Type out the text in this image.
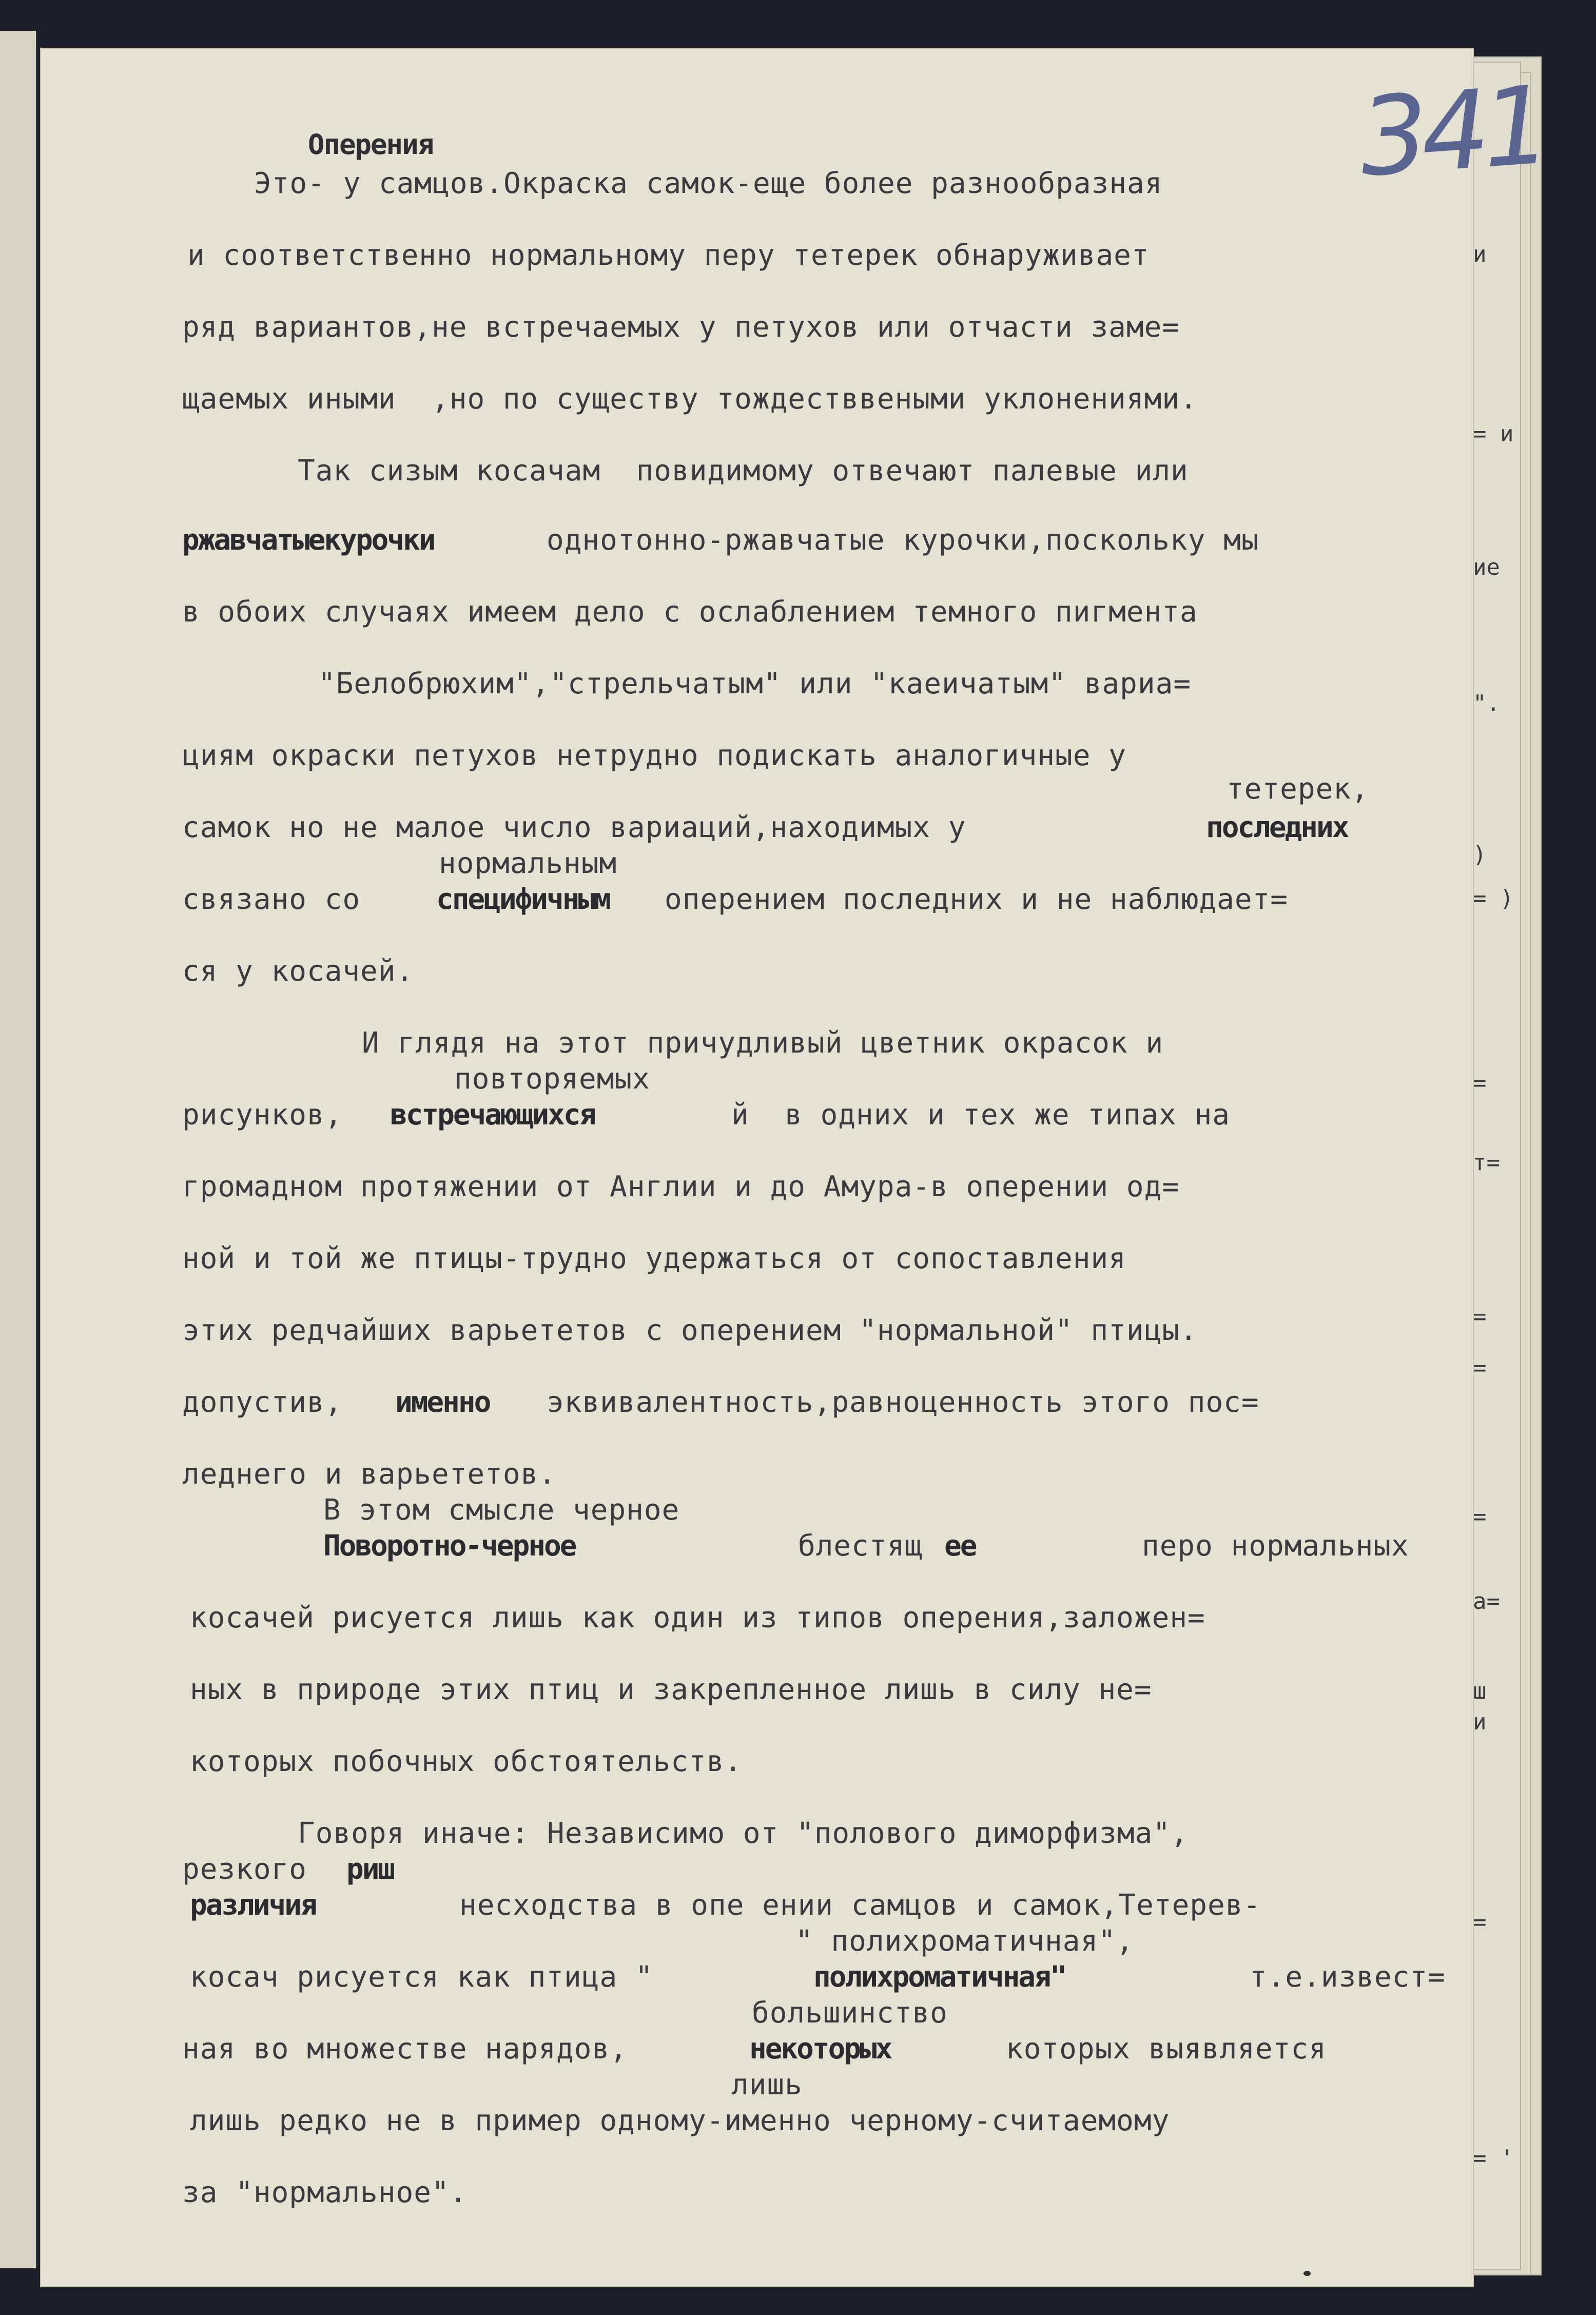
и
= и
ие
".
)
= )
=
т=
=
=
=
а=
ш
и
=
= '
341
Оперения
Это- у самцов.Окраска самок-еще более разнообразная
и соответственно нормальному перу тетерек обнаруживает
ряд вариантов,не встречаемых у петухов или отчасти заме=
щаемых иными  ,но по существу тождестввеными уклонениями.
Так сизым косачам  повидимому отвечают палевые или
ржавчатыекурочки	однотонно-ржавчатые курочки,поскольку мы
в обоих случаях имеем дело с ослаблением темного пигмента
"Белобрюхим","стрельчатым" или "каеичатым" вариа=
циям окраски петухов нетрудно подискать аналогичные у
тетерек,
самок но не малое число вариаций,находимых у	последних
нормальным
связано со	специфичным оперением последних и не наблюдает=
ся у косачей.
И глядя на этот причудливый цветник окрасок и
повторяемых
рисунков, встречающихся	й  в одних и тех же типах на
громадном протяжении от Англии и до Амура-в оперении од=
ной и той же птицы-трудно удержаться от сопоставления
этих редчайших варьететов с оперением "нормальной" птицы.
допустив, именно эквивалентность,равноценность этого пос=
леднего и варьететов.
В этом смысле черное
Поворотно-черное	блестящ ее	перо нормальных
косачей рисуется лишь как один из типов оперения,заложен=
ных в природе этих птиц и закрепленное лишь в силу не=
которых побочных обстоятельств.
Говоря иначе: Независимо от "полового диморфизма",
резкого риш
различия	несходства в опе ении самцов и самок,Тетерев-
" полихроматичная",
косач рисуется как птица "	полихроматичная"	т.е.извест=
большинство
ная во множестве нарядов,	некоторых	которых выявляется
лишь
лишь редко не в пример одному-именно черному-считаемому
за "нормальное".
